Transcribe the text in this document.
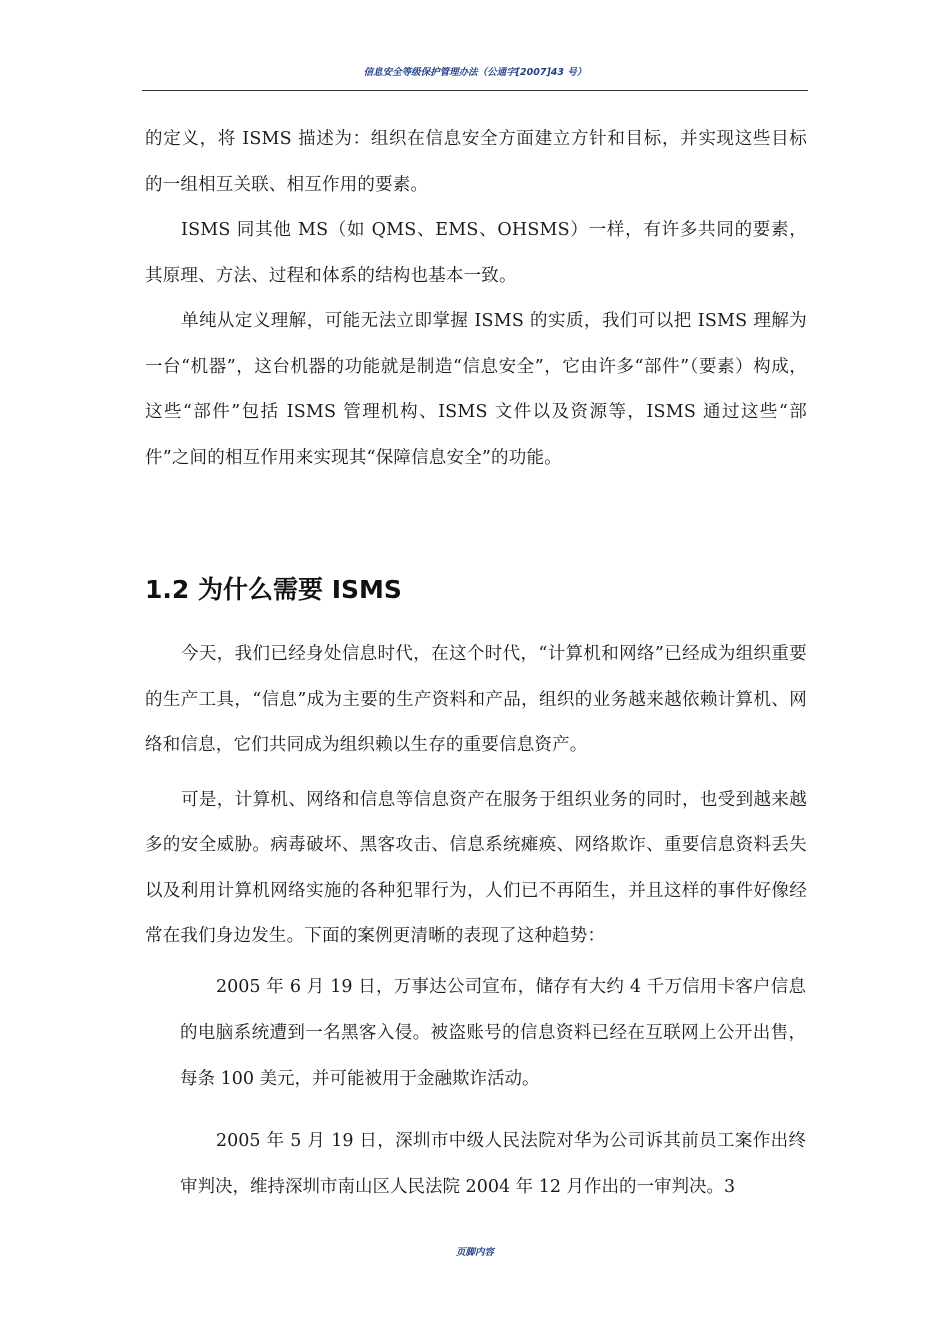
信息安全等级保护管理办法（公通字[2007]43 号）

的定义，将 ISMS 描述为：组织在信息安全方面建立方针和目标，并实现这些目标的一组相互关联、相互作用的要素。

ISMS 同其他 MS（如 QMS、EMS、OHSMS）一样，有许多共同的要素，其原理、方法、过程和体系的结构也基本一致。

单纯从定义理解，可能无法立即掌握 ISMS 的实质，我们可以把 ISMS 理解为一台“机器”，这台机器的功能就是制造“信息安全”，它由许多“部件”（要素）构成，这些“部件”包括 ISMS 管理机构、ISMS 文件以及资源等，ISMS 通过这些“部件”之间的相互作用来实现其“保障信息安全”的功能。

1.2 为什么需要 ISMS

今天，我们已经身处信息时代，在这个时代，“计算机和网络”已经成为组织重要的生产工具，“信息”成为主要的生产资料和产品，组织的业务越来越依赖计算机、网络和信息，它们共同成为组织赖以生存的重要信息资产。

可是，计算机、网络和信息等信息资产在服务于组织业务的同时，也受到越来越多的安全威胁。病毒破坏、黑客攻击、信息系统瘫痪、网络欺诈、重要信息资料丢失以及利用计算机网络实施的各种犯罪行为，人们已不再陌生，并且这样的事件好像经常在我们身边发生。下面的案例更清晰的表现了这种趋势：

2005 年 6 月 19 日，万事达公司宣布，储存有大约 4 千万信用卡客户信息的电脑系统遭到一名黑客入侵。被盗账号的信息资料已经在互联网上公开出售，每条 100 美元，并可能被用于金融欺诈活动。

2005 年 5 月 19 日，深圳市中级人民法院对华为公司诉其前员工案作出终审判决，维持深圳市南山区人民法院 2004 年 12 月作出的一审判决。3

页脚内容
